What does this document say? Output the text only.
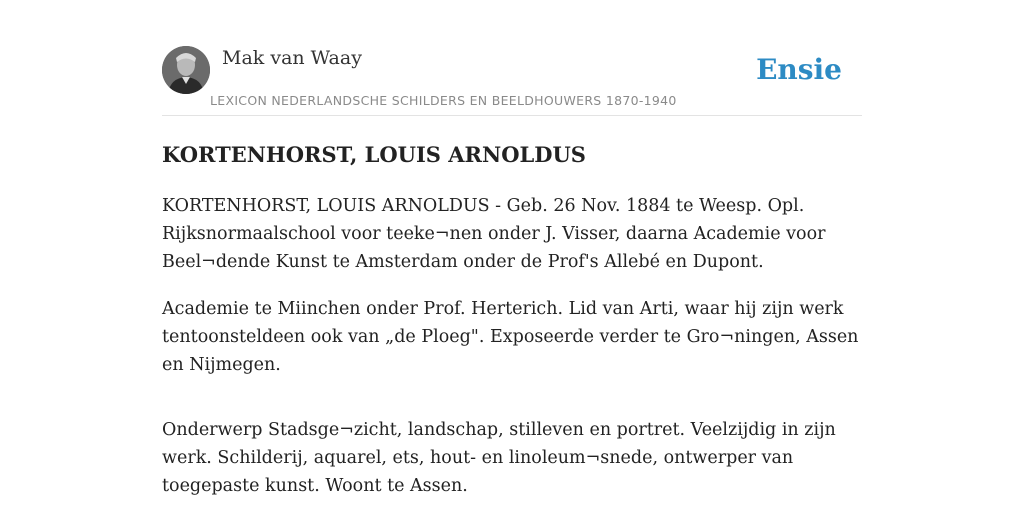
Mak van Waay
LEXICON NEDERLANDSCHE SCHILDERS EN BEELDHOUWERS 1870-1940
Ensie
KORTENHORST, LOUIS ARNOLDUS

KORTENHORST, LOUIS ARNOLDUS - Geb. 26 Nov. 1884 te Weesp. Opl. Rijksnormaalschool voor teeke¬nen onder J. Visser, daarna Academie voor Beel¬dende Kunst te Amsterdam onder de Prof's Allebé en Dupont.

Academie te Miinchen onder Prof. Herterich. Lid van Arti, waar hij zijn werk tentoonsteldeen ook van „de Ploeg". Exposeerde verder te Gro¬ningen, Assen en Nijmegen.

Onderwerp Stadsge¬zicht, landschap, stilleven en portret. Veelzijdig in zijn werk. Schilderij, aquarel, ets, hout- en linoleum¬snede, ontwerper van toegepaste kunst. Woont te Assen.
